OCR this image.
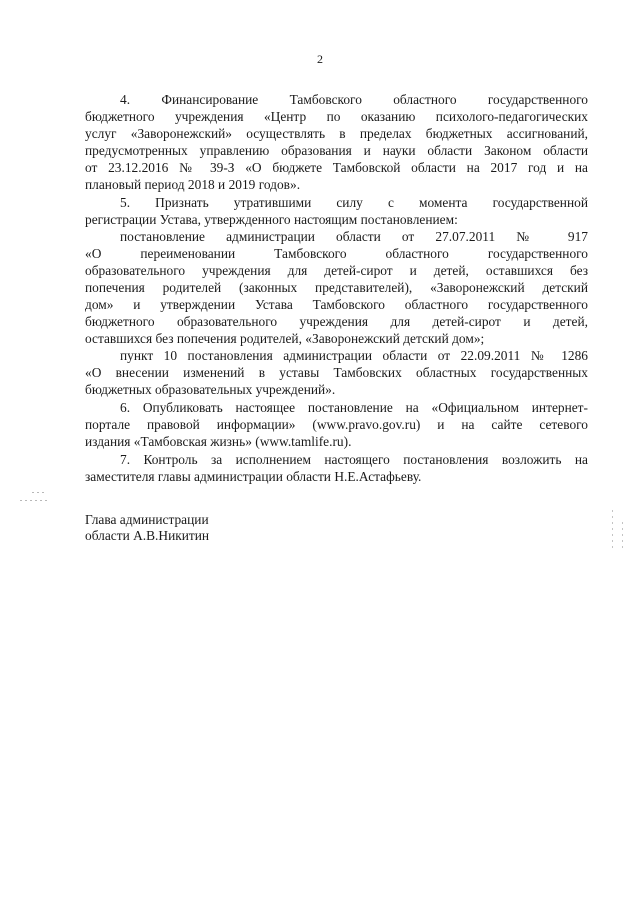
2
4. Финансирование Тамбовского областного государственного
бюджетного учреждения «Центр по оказанию психолого-педагогических
услуг «Заворонежский» осуществлять в пределах бюджетных ассигнований,
предусмотренных управлению образования и науки области Законом области
от 23.12.2016 № 39-З «О бюджете Тамбовской области на 2017 год и на
плановый период 2018 и 2019 годов».
5. Признать утратившими силу с момента государственной
регистрации Устава, утвержденного настоящим постановлением:
постановление администрации области от 27.07.2011 № 917
«О переименовании Тамбовского областного государственного
образовательного учреждения для детей-сирот и детей, оставшихся без
попечения родителей (законных представителей), «Заворонежский детский
дом» и утверждении Устава Тамбовского областного государственного
бюджетного образовательного учреждения для детей-сирот и детей,
оставшихся без попечения родителей, «Заворонежский детский дом»;
пункт 10 постановления администрации области от 22.09.2011 № 1286
«О внесении изменений в уставы Тамбовских областных государственных
бюджетных образовательных учреждений».
6. Опубликовать настоящее постановление на «Официальном интернет-
портале правовой информации» (www.pravo.gov.ru) и на сайте сетевого
издания «Тамбовская жизнь» (www.tamlife.ru).
7. Контроль за исполнением настоящего постановления возложить на
заместителя главы администрации области Н.Е.Астафьеву.
Глава администрации
области А.В.Никитин
